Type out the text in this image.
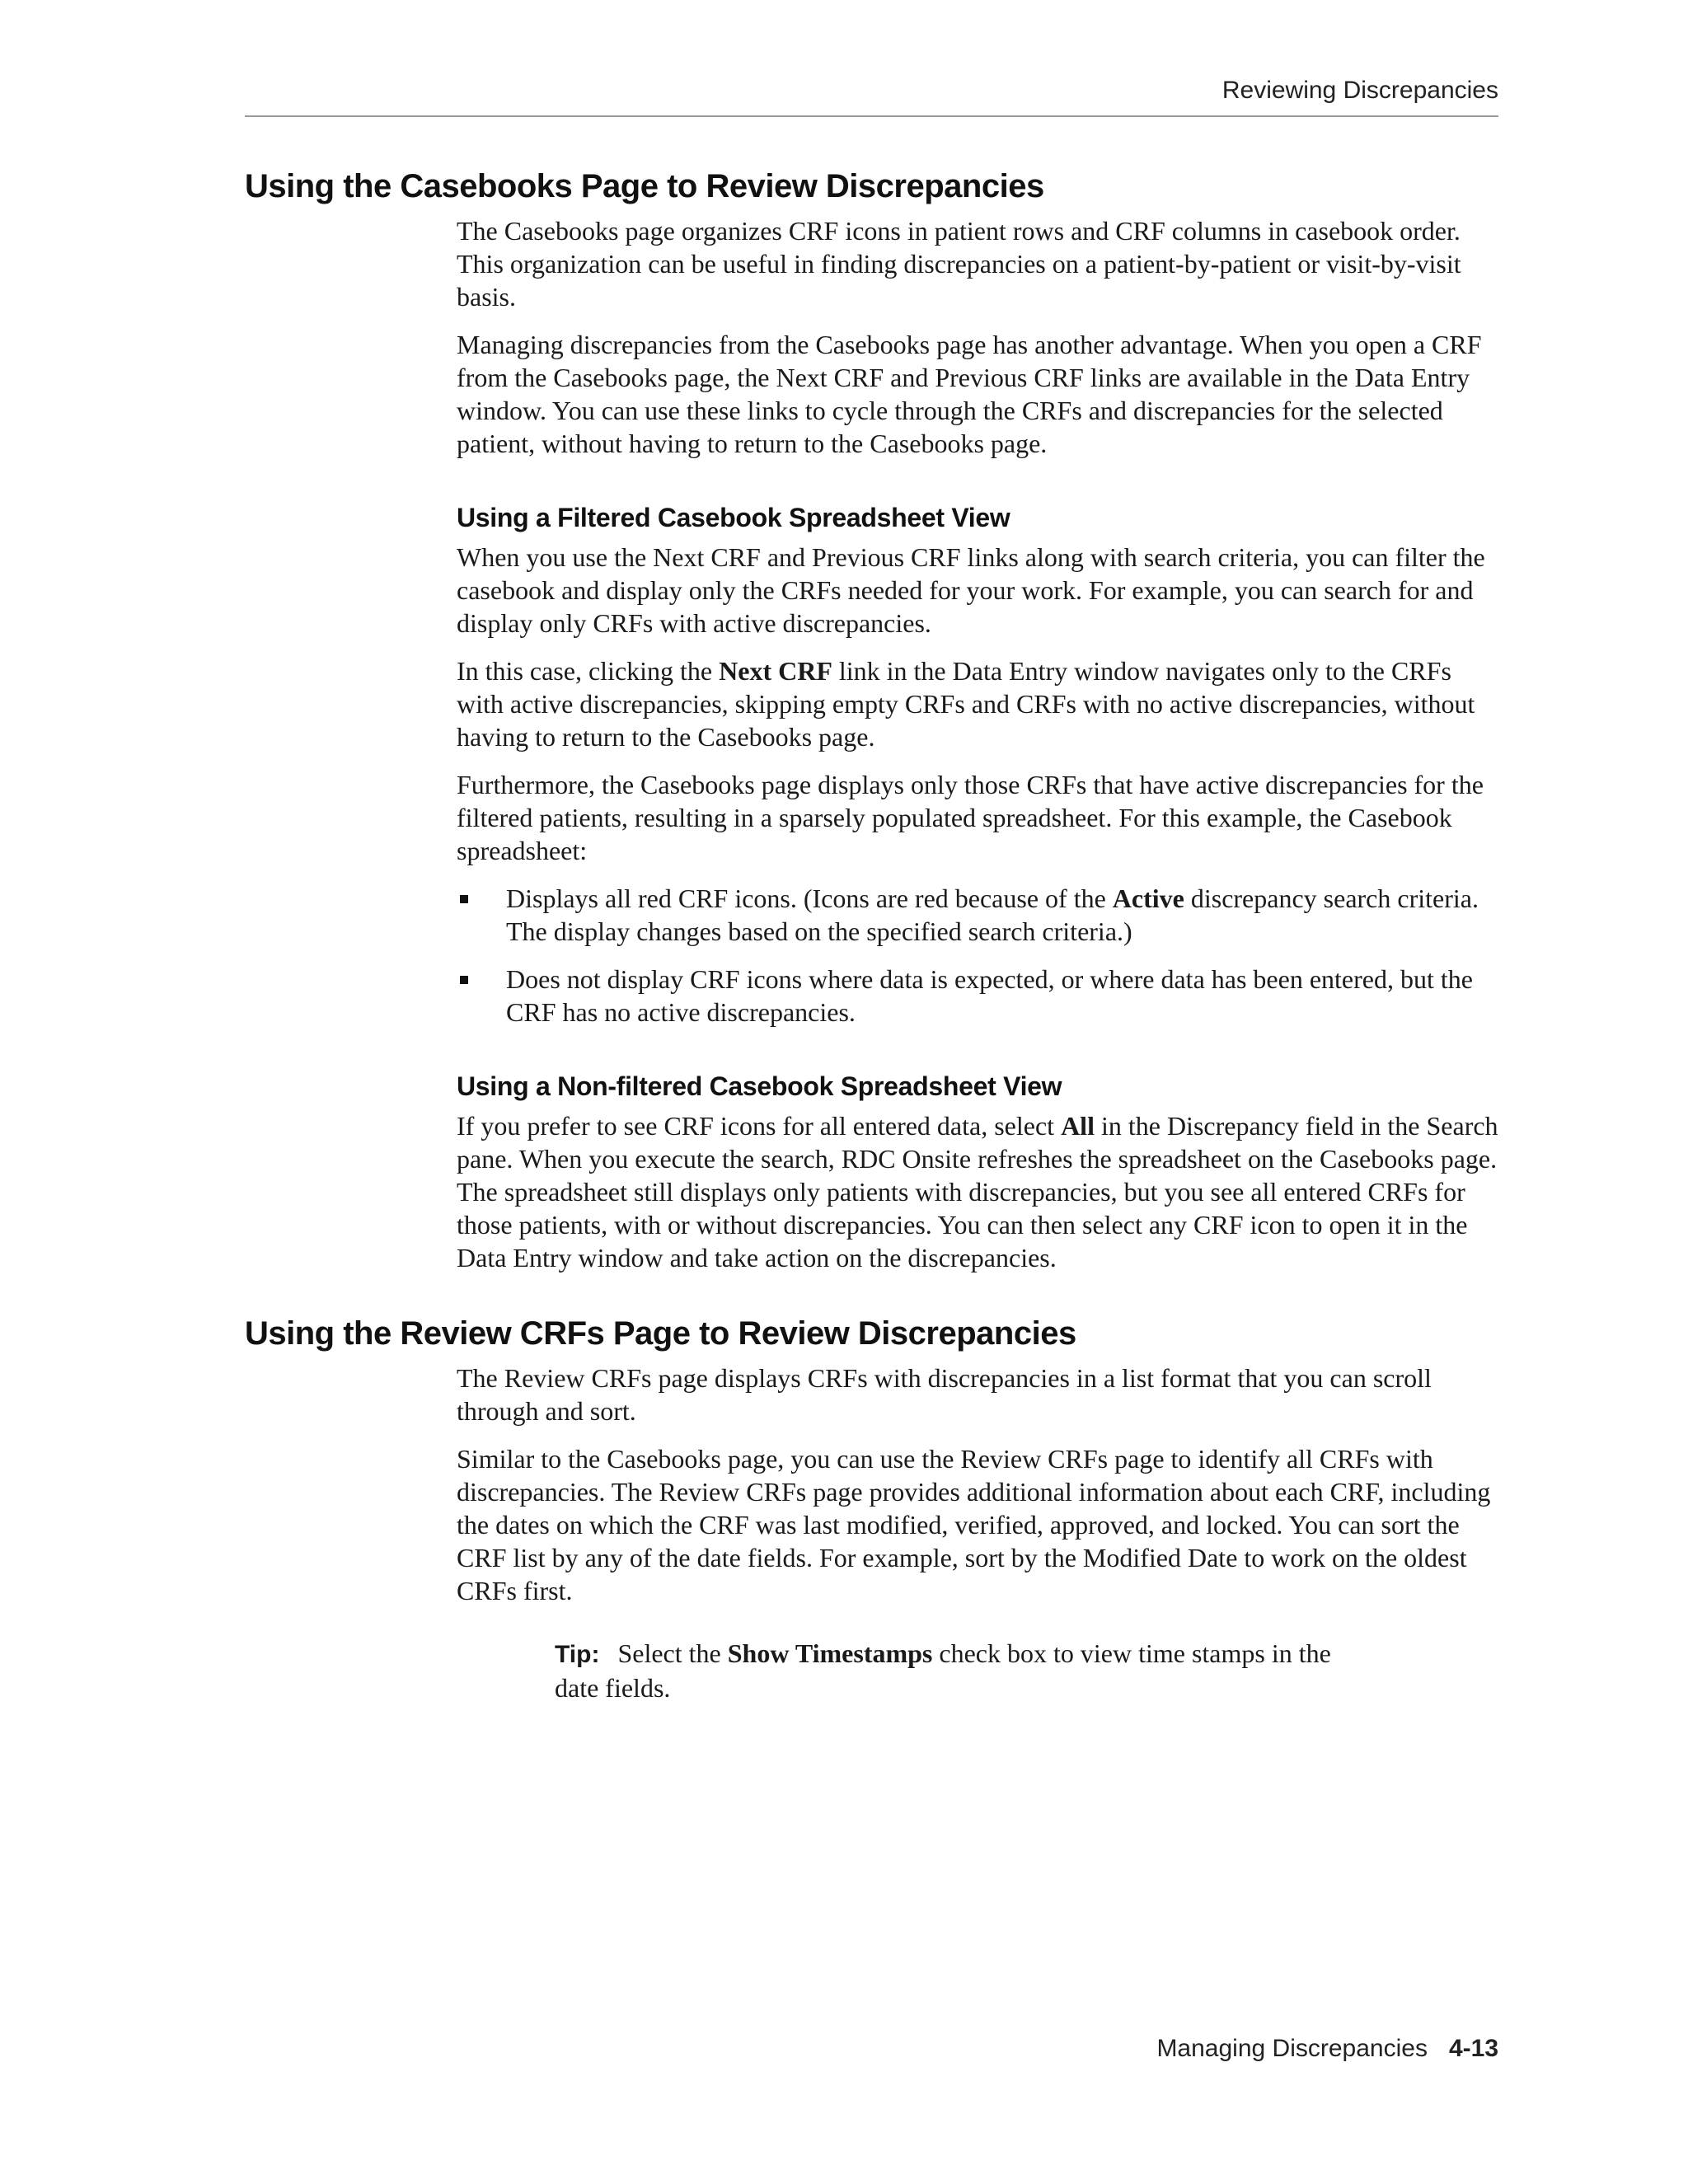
Reviewing Discrepancies
Using the Casebooks Page to Review Discrepancies

The Casebooks page organizes CRF icons in patient rows and CRF columns in casebook order. This organization can be useful in finding discrepancies on a patient-by-patient or visit-by-visit basis.

Managing discrepancies from the Casebooks page has another advantage. When you open a CRF from the Casebooks page, the Next CRF and Previous CRF links are available in the Data Entry window. You can use these links to cycle through the CRFs and discrepancies for the selected patient, without having to return to the Casebooks page.

Using a Filtered Casebook Spreadsheet View

When you use the Next CRF and Previous CRF links along with search criteria, you can filter the casebook and display only the CRFs needed for your work. For example, you can search for and display only CRFs with active discrepancies.

In this case, clicking the Next CRF link in the Data Entry window navigates only to the CRFs with active discrepancies, skipping empty CRFs and CRFs with no active discrepancies, without having to return to the Casebooks page.

Furthermore, the Casebooks page displays only those CRFs that have active discrepancies for the filtered patients, resulting in a sparsely populated spreadsheet. For this example, the Casebook spreadsheet:

Displays all red CRF icons. (Icons are red because of the Active discrepancy search criteria. The display changes based on the specified search criteria.)
Does not display CRF icons where data is expected, or where data has been entered, but the CRF has no active discrepancies.
Using a Non-filtered Casebook Spreadsheet View

If you prefer to see CRF icons for all entered data, select All in the Discrepancy field in the Search pane. When you execute the search, RDC Onsite refreshes the spreadsheet on the Casebooks page. The spreadsheet still displays only patients with discrepancies, but you see all entered CRFs for those patients, with or without discrepancies. You can then select any CRF icon to open it in the Data Entry window and take action on the discrepancies.

Using the Review CRFs Page to Review Discrepancies

The Review CRFs page displays CRFs with discrepancies in a list format that you can scroll through and sort.

Similar to the Casebooks page, you can use the Review CRFs page to identify all CRFs with discrepancies. The Review CRFs page provides additional information about each CRF, including the dates on which the CRF was last modified, verified, approved, and locked. You can sort the CRF list by any of the date fields. For example, sort by the Modified Date to work on the oldest CRFs first.

Tip: Select the Show Timestamps check box to view time stamps in the date fields.
Managing Discrepancies 4-13
